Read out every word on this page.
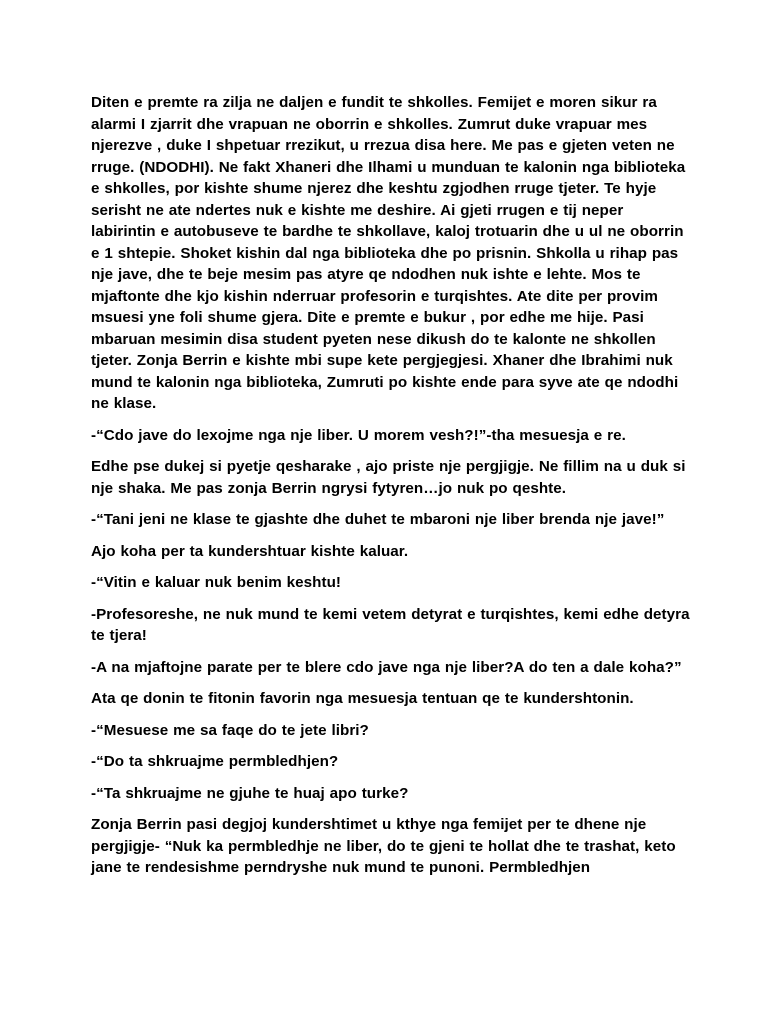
Diten e premte ra zilja ne daljen e fundit te shkolles. Femijet e moren sikur ra alarmi I zjarrit dhe vrapuan ne oborrin e shkolles. Zumrut duke vrapuar mes njerezve , duke I shpetuar rrezikut, u rrezua disa here. Me pas e gjeten veten ne rruge. (NDODHI). Ne fakt Xhaneri dhe Ilhami u munduan te kalonin nga biblioteka e shkolles, por kishte shume njerez dhe keshtu zgjodhen rruge tjeter. Te hyje serisht ne ate ndertes nuk e kishte me deshire. Ai gjeti rrugen e tij neper labirintin e autobuseve te bardhe te shkollave, kaloj trotuarin dhe u ul ne oborrin e 1 shtepie. Shoket kishin dal nga biblioteka dhe po prisnin. Shkolla u rihap pas nje jave, dhe te beje mesim pas atyre qe ndodhen nuk ishte e lehte. Mos te mjaftonte dhe kjo kishin nderruar profesorin e turqishtes. Ate dite per provim msuesi yne foli shume gjera. Dite e premte e bukur , por edhe me hije. Pasi mbaruan mesimin disa student pyeten nese dikush do te kalonte ne shkollen tjeter. Zonja Berrin e kishte mbi supe kete pergjegjesi. Xhaner dhe Ibrahimi nuk mund te kalonin nga biblioteka, Zumruti po kishte ende para syve ate qe ndodhi ne klase.

-“Cdo jave do lexojme nga nje liber. U morem vesh?!”-tha mesuesja e re.

Edhe pse dukej si pyetje qesharake , ajo priste nje pergjigje. Ne fillim na u duk si nje shaka. Me pas zonja Berrin ngrysi fytyren…jo nuk po qeshte.

-“Tani jeni ne klase te gjashte dhe duhet te mbaroni nje liber brenda nje jave!”

Ajo koha per ta kundershtuar kishte kaluar.

-“Vitin e kaluar nuk benim keshtu!

-Profesoreshe, ne nuk mund te kemi vetem detyrat e turqishtes, kemi edhe detyra te tjera!

-A na mjaftojne parate per te blere cdo jave nga nje liber?A do ten a dale koha?”

Ata qe donin te fitonin favorin nga mesuesja tentuan qe te kundershtonin.

-“Mesuese me sa faqe do te jete libri?

-“Do ta shkruajme permbledhjen?

-“Ta shkruajme ne gjuhe te huaj apo turke?

Zonja Berrin pasi degjoj kundershtimet u kthye nga femijet per te dhene nje pergjigje- “Nuk ka permbledhje ne liber, do te gjeni te hollat dhe te trashat, keto jane te rendesishme perndryshe nuk mund te punoni. Permbledhjen
